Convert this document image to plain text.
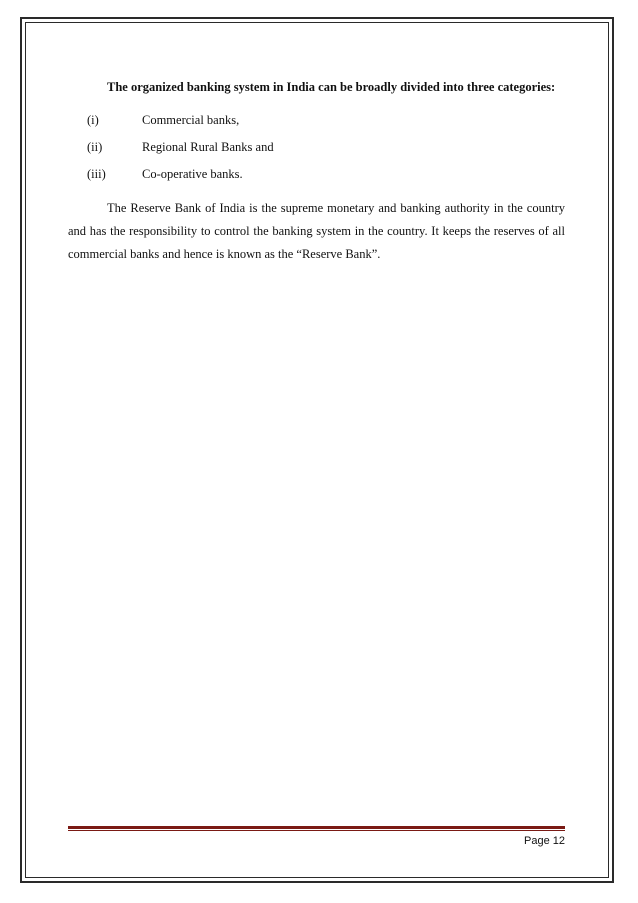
The organized banking system in India can be broadly divided into three categories:

(i)	Commercial banks,
(ii)	Regional Rural Banks and
(iii)	Co-operative banks.

The Reserve Bank of India is the supreme monetary and banking authority in the country and has the responsibility to control the banking system in the country. It keeps the reserves of all commercial banks and hence is known as the “Reserve Bank”.

Page 12
